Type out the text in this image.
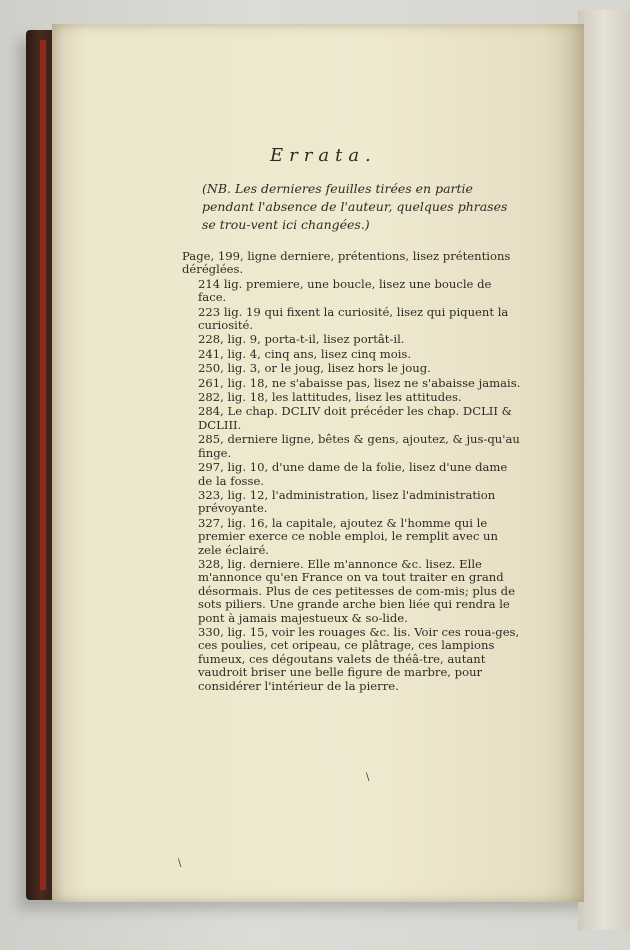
Errata.
(NB. Les dernieres feuilles tirées en partie pendant l'absence de l'auteur, quelques phrases se trou-vent ici changées.)
Page, 199, ligne derniere, prétentions, lisez prétentions déréglées.
214 lig. premiere, une boucle, lisez une boucle de face.
223 lig. 19 qui fixent la curiosité, lisez qui piquent la curiosité.
228, lig. 9, porta-t-il, lisez portât-il.
241, lig. 4, cinq ans, lisez cinq mois.
250, lig. 3, or le joug, lisez hors le joug.
261, lig. 18, ne s'abaisse pas, lisez ne s'abaisse jamais.
282, lig. 18, les lattitudes, lisez les attitudes.
284, Le chap. DCLIV doit précéder les chap. DCLII & DCLIII.
285, derniere ligne, bêtes & gens, ajoutez, & jus-qu'au finge.
297, lig. 10, d'une dame de la folie, lisez d'une dame de la fosse.
323, lig. 12, l'administration, lisez l'administration prévoyante.
327, lig. 16, la capitale, ajoutez & l'homme qui le premier exerce ce noble emploi, le remplit avec un zele éclairé.
328, lig. derniere. Elle m'annonce &c. lisez. Elle m'annonce qu'en France on va tout traiter en grand désormais. Plus de ces petitesses de com-mis; plus de sots piliers. Une grande arche bien liée qui rendra le pont à jamais majestueux & so-lide.
330, lig. 15, voir les rouages &c. lis. Voir ces roua-ges, ces poulies, cet oripeau, ce plâtrage, ces lampions fumeux, ces dégoutans valets de théâ-tre, autant vaudroit briser une belle figure de marbre, pour considérer l'intérieur de la pierre.
\
\
